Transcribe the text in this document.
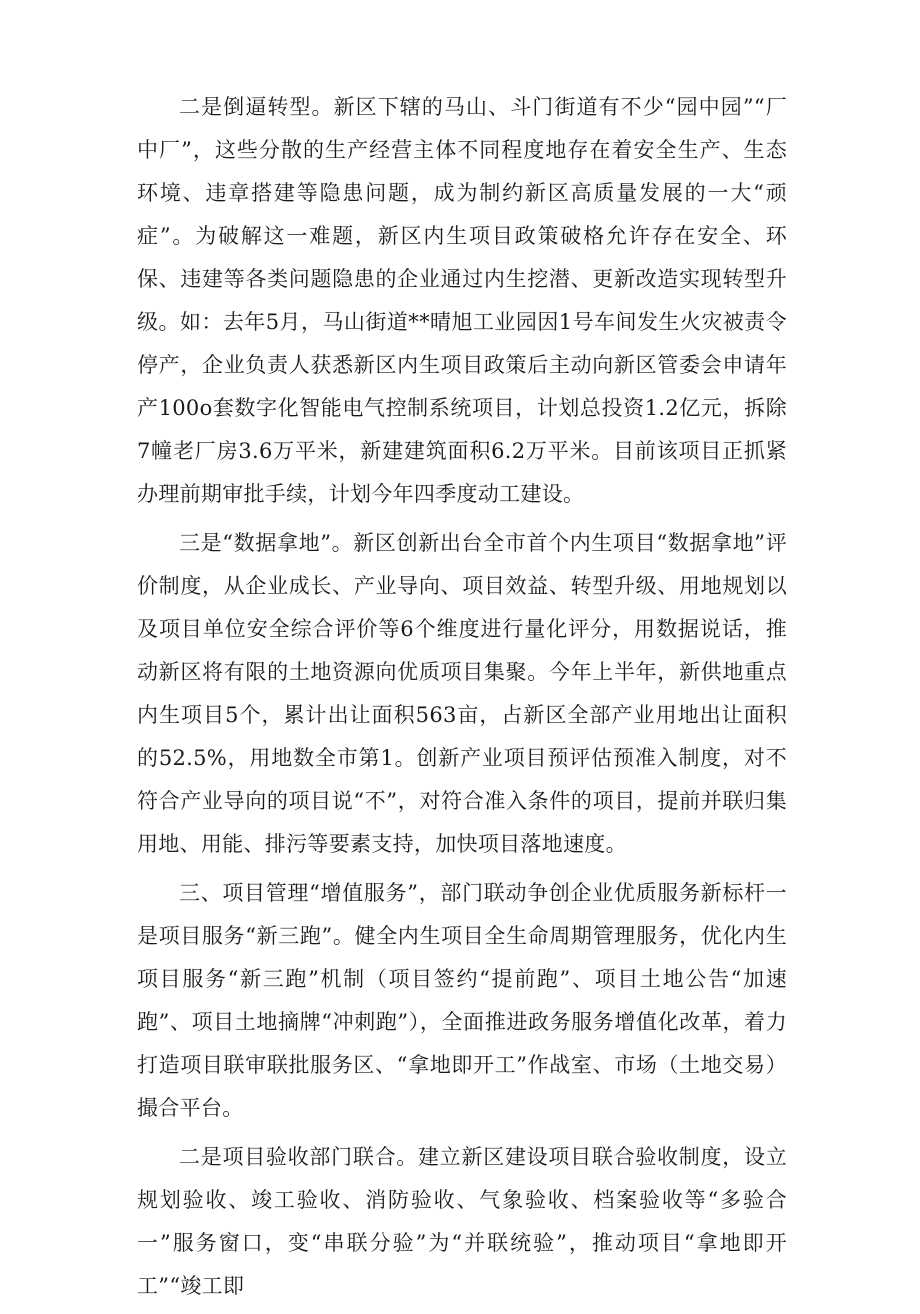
二是倒逼转型。新区下辖的马山、斗门街道有不少“园中园”“厂中厂”，这些分散的生产经营主体不同程度地存在着安全生产、生态环境、违章搭建等隐患问题，成为制约新区高质量发展的一大“顽症”。为破解这一难题，新区内生项目政策破格允许存在安全、环保、违建等各类问题隐患的企业通过内生挖潜、更新改造实现转型升级。如：去年5月，马山街道**晴旭工业园因1号车间发生火灾被责令停产，企业负责人获悉新区内生项目政策后主动向新区管委会申请年产100o套数字化智能电气控制系统项目，计划总投资1.2亿元，拆除7幢老厂房3.6万平米，新建建筑面积6.2万平米。目前该项目正抓紧办理前期审批手续，计划今年四季度动工建设。

三是“数据拿地”。新区创新出台全市首个内生项目“数据拿地”评价制度，从企业成长、产业导向、项目效益、转型升级、用地规划以及项目单位安全综合评价等6个维度进行量化评分，用数据说话，推动新区将有限的土地资源向优质项目集聚。今年上半年，新供地重点内生项目5个，累计出让面积563亩，占新区全部产业用地出让面积的52.5%，用地数全市第1。创新产业项目预评估预准入制度，对不符合产业导向的项目说“不”，对符合准入条件的项目，提前并联归集用地、用能、排污等要素支持，加快项目落地速度。

三、项目管理“增值服务”，部门联动争创企业优质服务新标杆一是项目服务“新三跑”。健全内生项目全生命周期管理服务，优化内生项目服务“新三跑”机制（项目签约“提前跑”、项目土地公告“加速跑”、项目土地摘牌“冲刺跑”），全面推进政务服务增值化改革，着力打造项目联审联批服务区、“拿地即开工”作战室、市场（土地交易）撮合平台。

二是项目验收部门联合。建立新区建设项目联合验收制度，设立规划验收、竣工验收、消防验收、气象验收、档案验收等“多验合一”服务窗口，变“串联分验”为“并联统验”，推动项目“拿地即开工”“竣工即
